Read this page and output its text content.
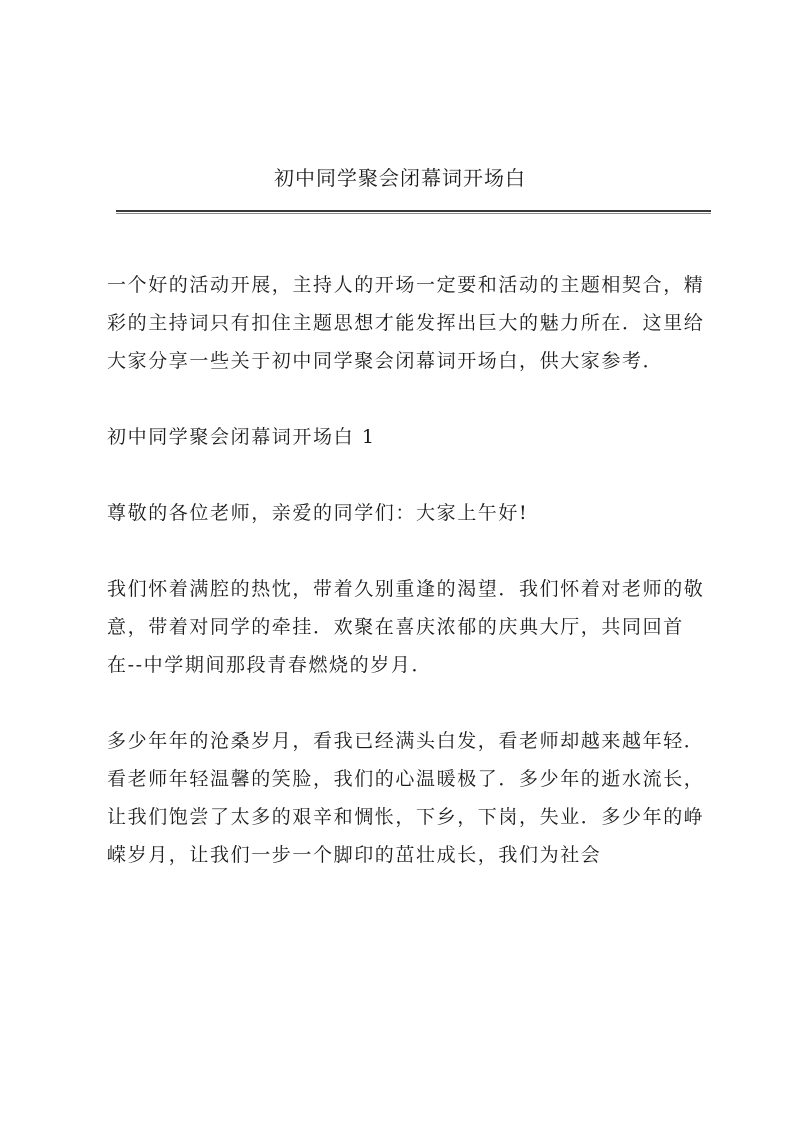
初中同学聚会闭幕词开场白

一个好的活动开展，主持人的开场一定要和活动的主题相契合，精彩的主持词只有扣住主题思想才能发挥出巨大的魅力所在．这里给大家分享一些关于初中同学聚会闭幕词开场白，供大家参考．

初中同学聚会闭幕词开场白 1

尊敬的各位老师，亲爱的同学们：大家上午好!

我们怀着满腔的热忱，带着久别重逢的渴望．我们怀着对老师的敬意，带着对同学的牵挂．欢聚在喜庆浓郁的庆典大厅，共同回首在--中学期间那段青春燃烧的岁月．

多少年年的沧桑岁月，看我已经满头白发，看老师却越来越年轻．看老师年轻温馨的笑脸，我们的心温暖极了．多少年的逝水流长，让我们饱尝了太多的艰辛和惆怅，下乡，下岗，失业．多少年的峥嵘岁月，让我们一步一个脚印的茁壮成长，我们为社会
